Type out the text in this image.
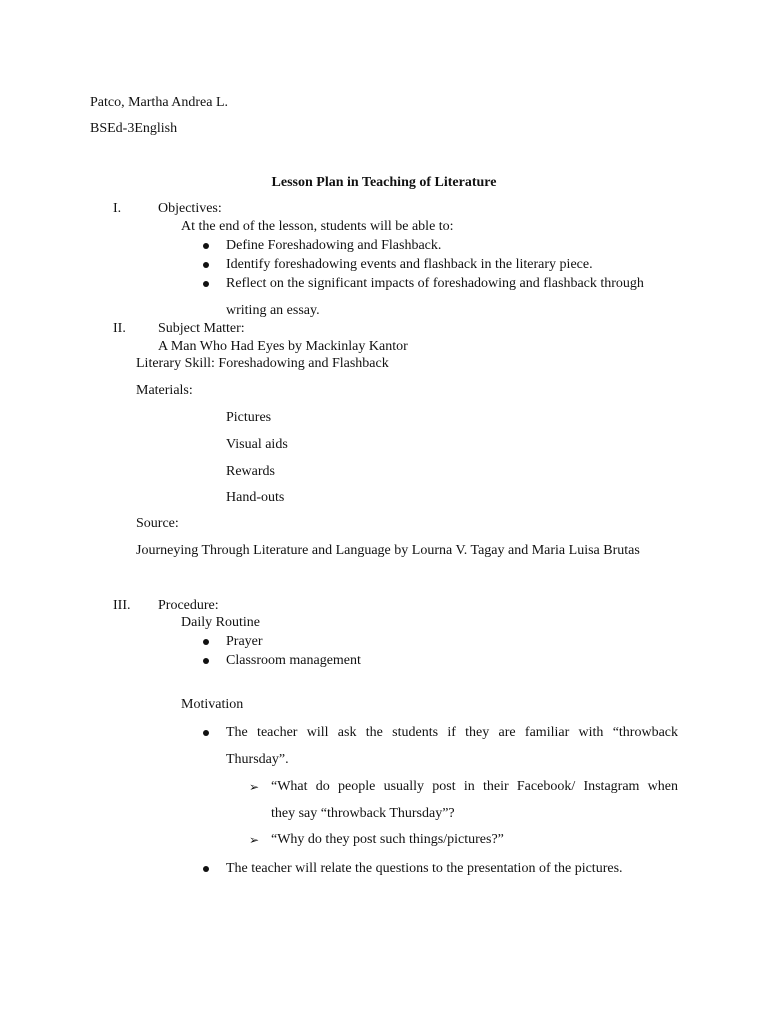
Patco, Martha Andrea L.
BSEd-3English
Lesson Plan in Teaching of Literature
I.	Objectives:
At the end of the lesson, students will be able to:
Define Foreshadowing and Flashback.
Identify foreshadowing events and flashback in the literary piece.
Reflect on the significant impacts of foreshadowing and flashback through
writing an essay.
II. Subject Matter:
A Man Who Had Eyes by Mackinlay Kantor
Literary Skill: Foreshadowing and Flashback
Materials:
Pictures
Visual aids
Rewards
Hand-outs
Source:
Journeying Through Literature and Language by Lourna V. Tagay and Maria Luisa Brutas
III. Procedure:
Daily Routine
Prayer
Classroom management
Motivation
The teacher will ask the students if they are familiar with “throwback
Thursday”.
➢ “What do people usually post in their Facebook/ Instagram when
they say “throwback Thursday”?
➢ “Why do they post such things/pictures?”
The teacher will relate the questions to the presentation of the pictures.
